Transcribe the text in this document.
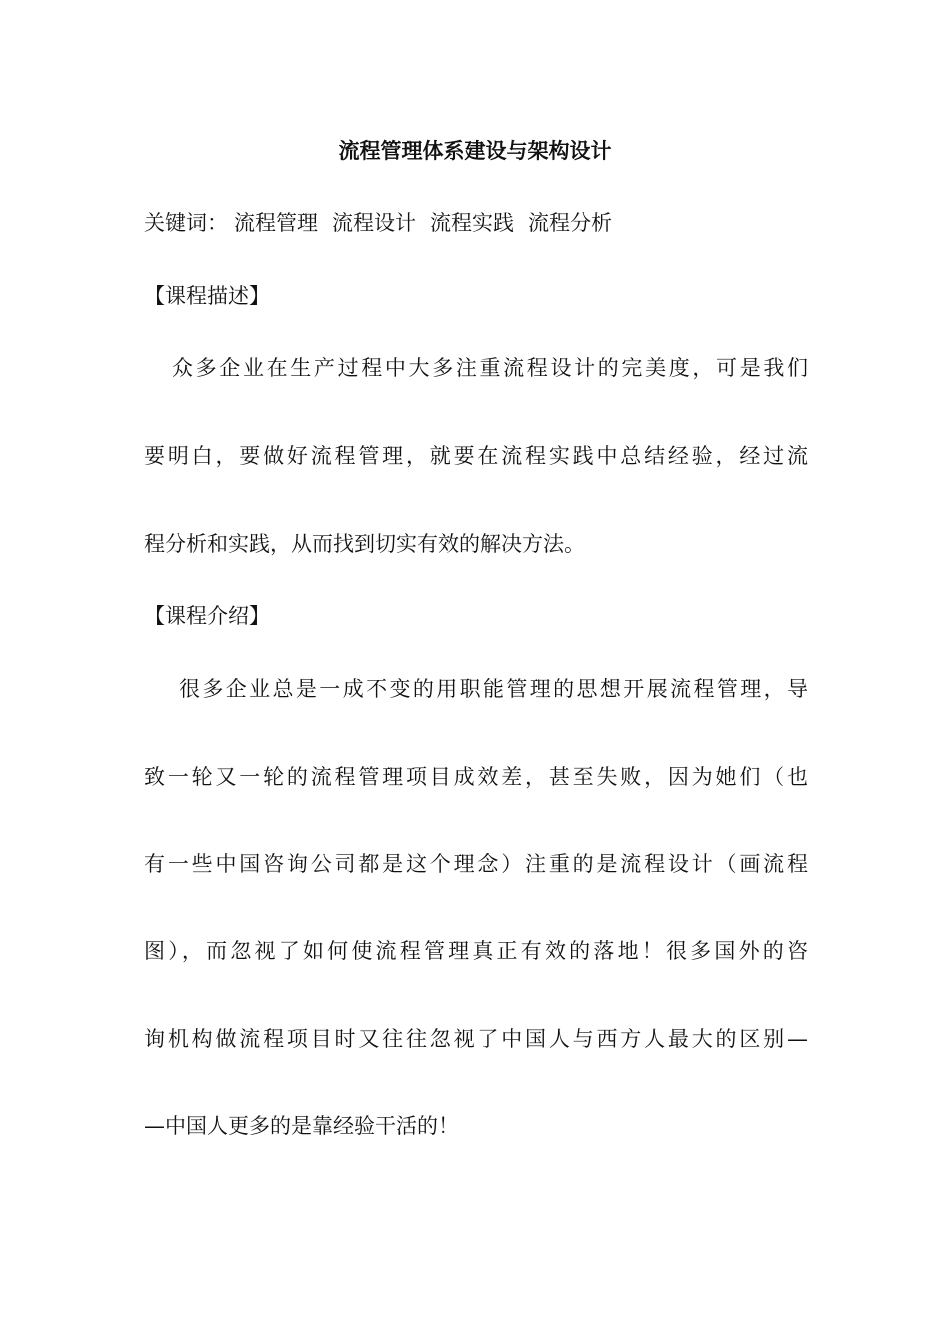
流程管理体系建设与架构设计
关键词： 流程管理 流程设计 流程实践 流程分析
【课程描述】
众多企业在生产过程中大多注重流程设计的完美度，可是我们
要明白，要做好流程管理，就要在流程实践中总结经验，经过流
程分析和实践，从而找到切实有效的解决方法。
【课程介绍】
很多企业总是一成不变的用职能管理的思想开展流程管理，导
致一轮又一轮的流程管理项目成效差，甚至失败，因为她们（也
有一些中国咨询公司都是这个理念）注重的是流程设计（画流程
图），而忽视了如何使流程管理真正有效的落地！很多国外的咨
询机构做流程项目时又往往忽视了中国人与西方人最大的区别—
—中国人更多的是靠经验干活的！
